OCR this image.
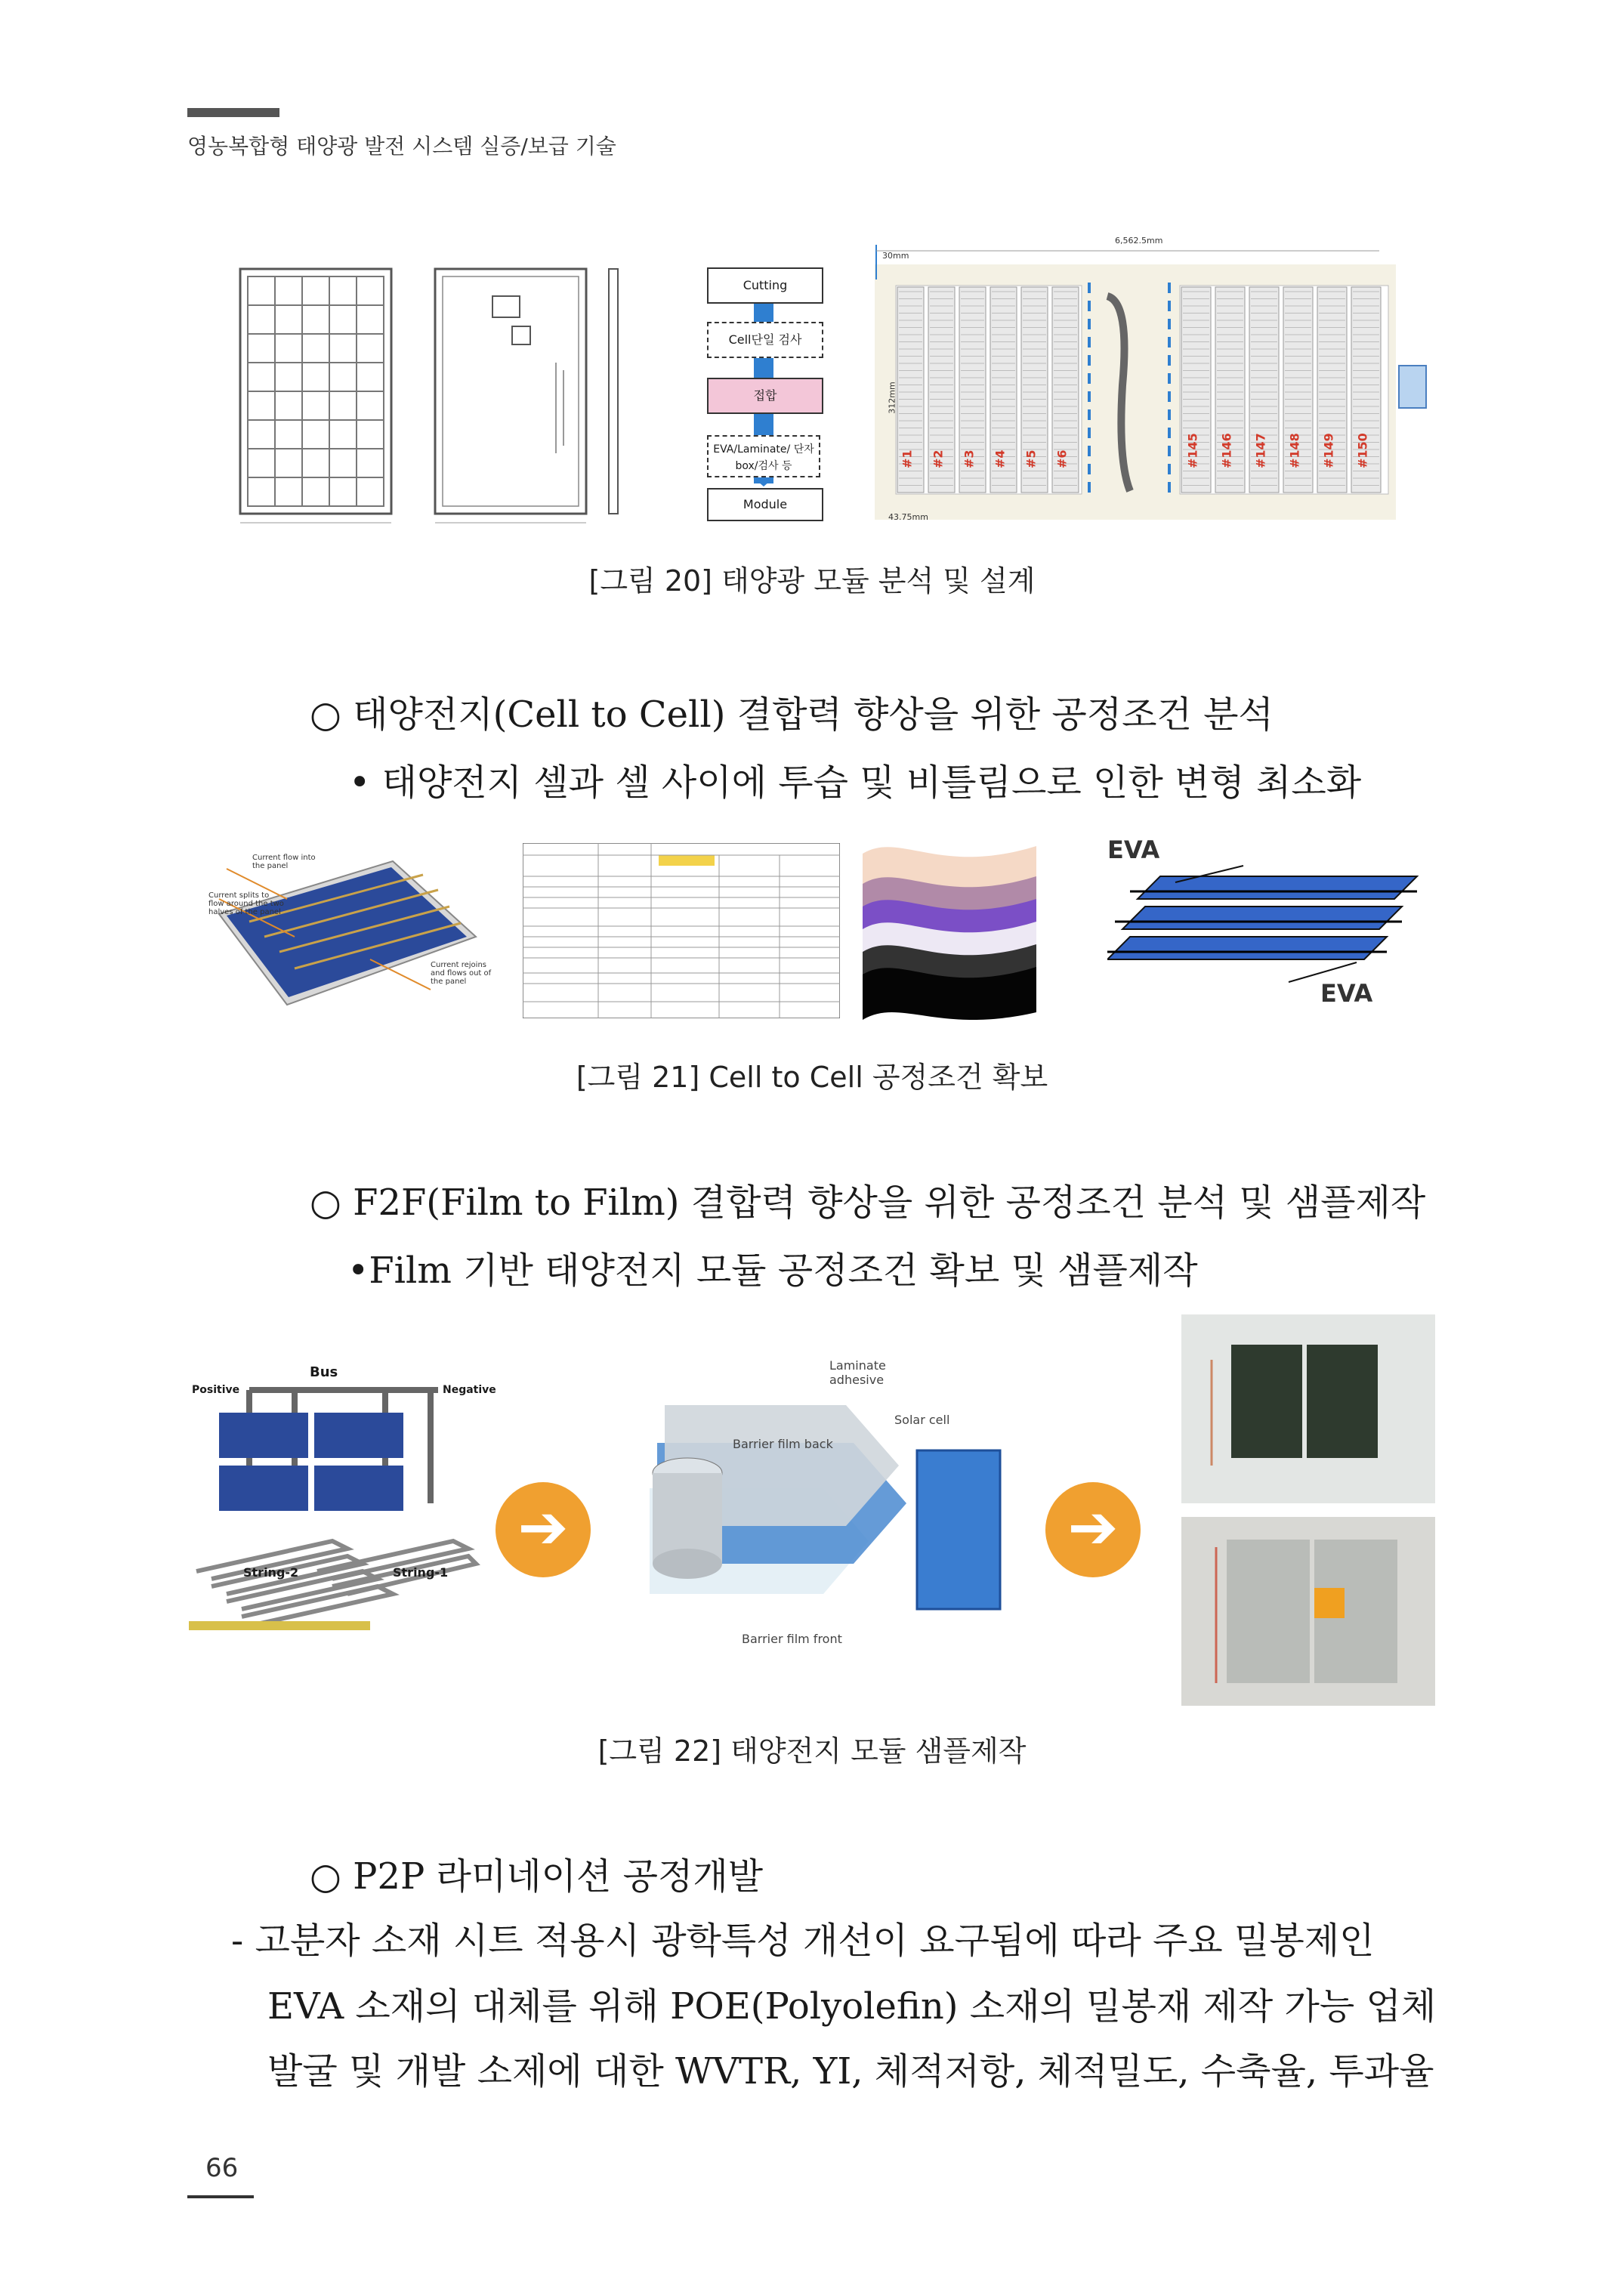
영농복합형 태양광 발전 시스템 실증/보급 기술
Cutting
Cell단일 검사
접합
EVA/Laminate/ 단자 box/검사 등
Module
#1 #2 #3 #4 #5 #6	#145 #146 #147 #148 #149 #150
6,562.5mm
30mm
312mm
43.75mm
[그림 20] 태양광 모듈 분석 및 설계
○ 태양전지(Cell to Cell) 결합력 향상을 위한 공정조건 분석
• 태양전지 셀과 셀 사이에 투습 및 비틀림으로 인한 변형 최소화
Current flow into the panel
Current splits to flow around the two halves of the panel
Current rejoins and flows out of the panel
EVA
EVA
[그림 21] Cell to Cell 공정조건 확보
○ F2F(Film to Film) 결합력 향상을 위한 공정조건 분석 및 샘플제작
•Film 기반 태양전지 모듈 공정조건 확보 및 샘플제작
Bus
Positive	Negative
String-2	String-1
➔
Laminate adhesive
Solar cell
Barrier film back
Barrier film front
➔
[그림 22] 태양전지 모듈 샘플제작
○ P2P 라미네이션 공정개발
- 고분자 소재 시트 적용시 광학특성 개선이 요구됨에 따라 주요 밀봉제인
EVA 소재의 대체를 위해 POE(Polyolefin) 소재의 밀봉재 제작 가능 업체
발굴 및 개발 소제에 대한 WVTR, YI, 체적저항, 체적밀도, 수축율, 투과율
66
